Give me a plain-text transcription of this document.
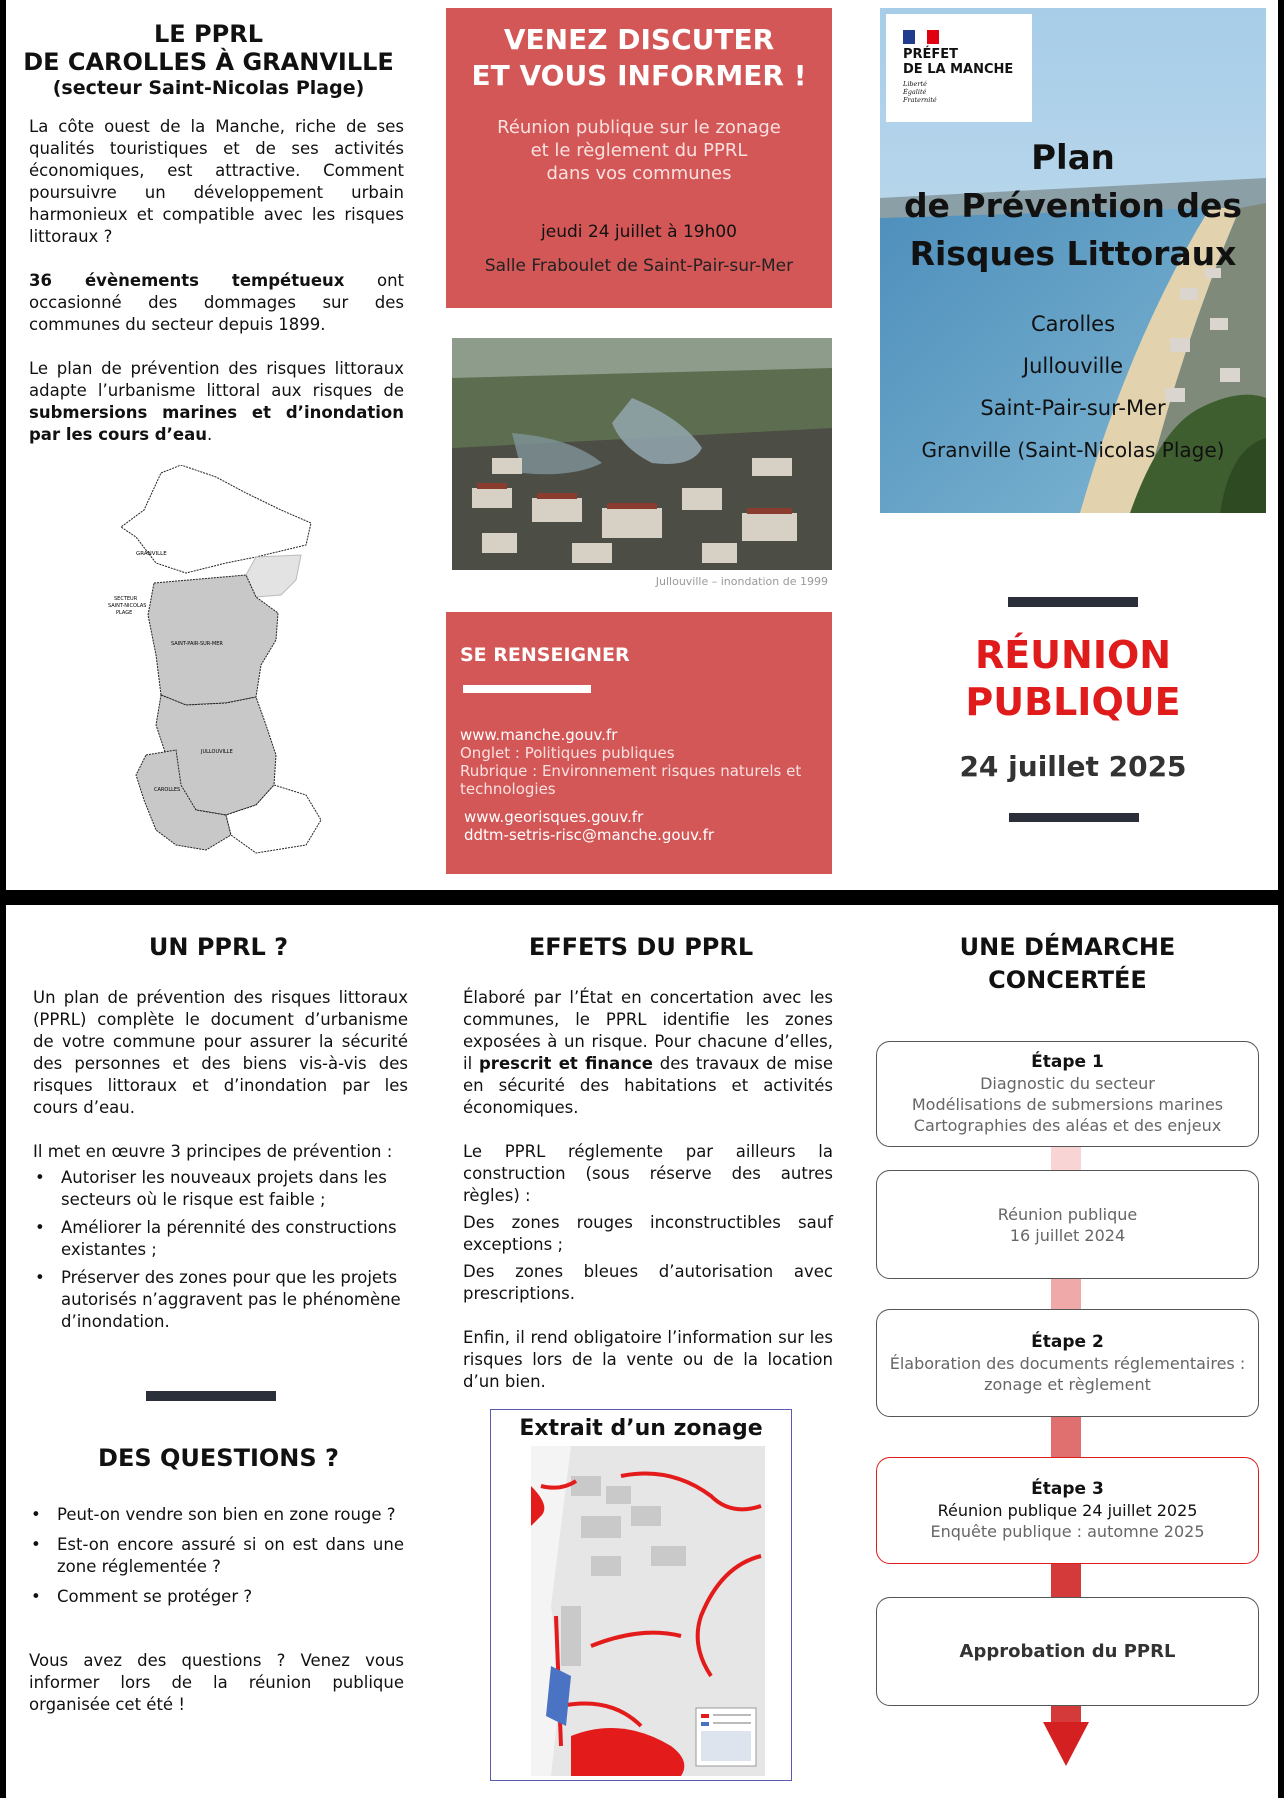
LE PPRL
DE CAROLLES À GRANVILLE
(secteur Saint-Nicolas Plage)

La côte ouest de la Manche, riche de ses qualités touristiques et de ses activités économiques, est attractive. Comment poursuivre un développement urbain harmonieux et compatible avec les risques littoraux ?

36 évènements tempétueux ont occasionné des dommages sur des communes du secteur depuis 1899.

Le plan de prévention des risques littoraux adapte l’urbanisme littoral aux risques de submersions marines et d’inondation par les cours d’eau.

GRANVILLE
SECTEUR
SAINT-NICOLAS
PLAGE
SAINT-PAIR-SUR-MER
JULLOUVILLE
CAROLLES
VENEZ DISCUTER
ET VOUS INFORMER !
Réunion publique sur le zonage
et le règlement du PPRL
dans vos communes
jeudi 24 juillet à 19h00
Salle Fraboulet de Saint-Pair-sur-Mer
Jullouville – inondation de 1999
SE RENSEIGNER
www.manche.gouv.fr
Onglet : Politiques publiques
Rubrique : Environnement risques naturels et technologies
www.georisques.gouv.fr
ddtm-setris-risc@manche.gouv.fr
PRÉFET
DE LA MANCHE
Liberté
Égalité
Fraternité
Plan
de Prévention des
Risques Littoraux
Carolles
Jullouville
Saint-Pair-sur-Mer
Granville (Saint-Nicolas Plage)
RÉUNION
PUBLIQUE
24 juillet 2025
UN PPRL ?

Un plan de prévention des risques littoraux (PPRL) complète le document d’urbanisme de votre commune pour assurer la sécurité des personnes et des biens vis-à-vis des risques littoraux et d’inondation par les cours d’eau.

Il met en œuvre 3 principes de prévention :

• Autoriser les nouveaux projets dans les secteurs où le risque est faible ;
• Améliorer la pérennité des constructions existantes ;
• Préserver des zones pour que les projets autorisés n’aggravent pas le phénomène d’inondation.
DES QUESTIONS ?
• Peut-on vendre son bien en zone rouge ?
• Est-on encore assuré si on est dans une zone réglementée ?
• Comment se protéger ?

Vous avez des questions ? Venez vous informer lors de la réunion publique organisée cet été !

EFFETS DU PPRL

Élaboré par l’État en concertation avec les communes, le PPRL identifie les zones exposées à un risque. Pour chacune d’elles, il prescrit et finance des travaux de mise en sécurité des habitations et activités économiques.

Le PPRL réglemente par ailleurs la construction (sous réserve des autres règles) :

Des zones rouges inconstructibles sauf exceptions ;

Des zones bleues d’autorisation avec prescriptions.

Enfin, il rend obligatoire l’information sur les risques lors de la vente ou de la location d’un bien.

Extrait d’un zonage
UNE DÉMARCHE
CONCERTÉE
Étape 1
Diagnostic du secteur
Modélisations de submersions marines
Cartographies des aléas et des enjeux
Réunion publique
16 juillet 2024
Étape 2
Élaboration des documents réglementaires :
zonage et règlement
Étape 3
Réunion publique 24 juillet 2025
Enquête publique : automne 2025
Approbation du PPRL
